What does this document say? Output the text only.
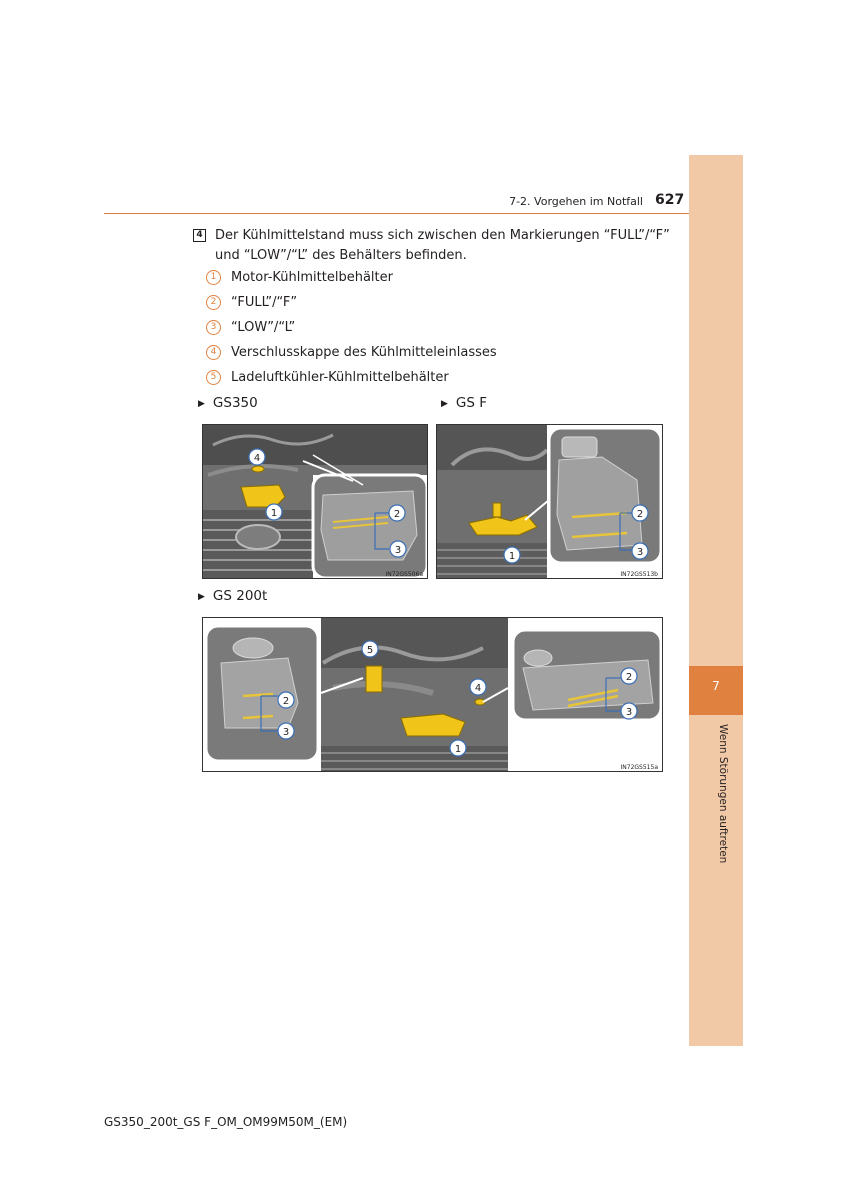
7
Wenn Störungen auftreten
7-2. Vorgehen im Notfall 627
4 Der Kühlmittelstand muss sich zwischen den Markierungen “FULL”/“F” und “LOW”/“L” des Behälters befinden.
1	Motor-Kühlmittelbehälter
2	“FULL”/“F”
3	“LOW”/“L”
4	Verschlusskappe des Kühlmitteleinlasses
5	Ladeluftkühler-Kühlmittelbehälter
▶ GS350	▶ GS F
▶ GS 200t
4
1	2
3
IN72GS506a
1
2
3
IN72GS513b
2
3
5
4
1
2
3
IN72GS515a
GS350_200t_GS F_OM_OM99M50M_(EM)
